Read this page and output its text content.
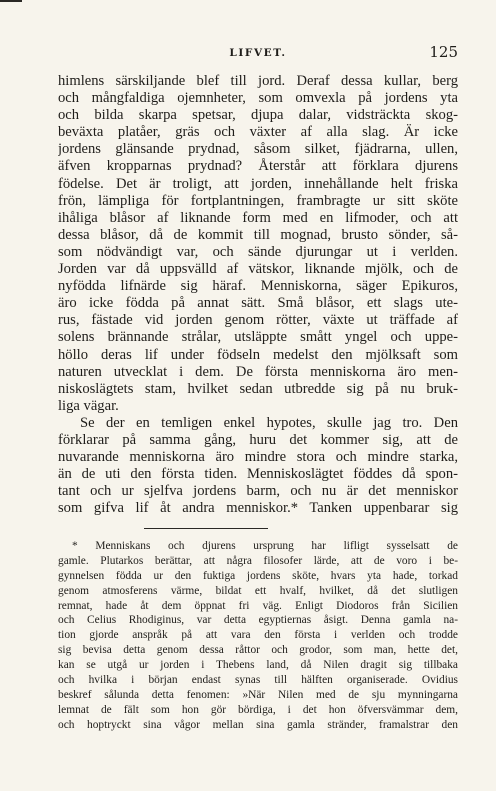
LIFVET.	125
himlens särskiljande blef till jord. Deraf dessa kullar, berg
och mångfaldiga ojemnheter, som omvexla på jordens yta
och bilda skarpa spetsar, djupa dalar, vidsträckta skog-
beväxta platåer, gräs och växter af alla slag. Är icke
jordens glänsande prydnad, såsom silket, fjädrarna, ullen,
äfven kropparnas prydnad? Återstår att förklara djurens
födelse. Det är troligt, att jorden, innehållande helt friska
frön, lämpliga för fortplantningen, frambragte ur sitt sköte
ihåliga blåsor af liknande form med en lifmoder, och att
dessa blåsor, då de kommit till mognad, brusto sönder, så-
som nödvändigt var, och sände djurungar ut i verlden.
Jorden var då uppsvälld af vätskor, liknande mjölk, och de
nyfödda lifnärde sig häraf. Menniskorna, säger Epikuros,
äro icke födda på annat sätt. Små blåsor, ett slags ute-
rus, fästade vid jorden genom rötter, växte ut träffade af
solens brännande strålar, utsläppte smått yngel och uppe-
höllo deras lif under födseln medelst den mjölksaft som
naturen utvecklat i dem. De första menniskorna äro men-
niskoslägtets stam, hvilket sedan utbredde sig på nu bruk-
liga vägar.
Se der en temligen enkel hypotes, skulle jag tro. Den
förklarar på samma gång, huru det kommer sig, att de
nuvarande menniskorna äro mindre stora och mindre starka,
än de uti den första tiden. Menniskoslägtet föddes då spon-
tant och ur sjelfva jordens barm, och nu är det menniskor
som gifva lif åt andra menniskor.* Tanken uppenbarar sig
* Menniskans och djurens ursprung har lifligt sysselsatt de
gamle. Plutarkos berättar, att några filosofer lärde, att de voro i be-
gynnelsen födda ur den fuktiga jordens sköte, hvars yta hade, torkad
genom atmosferens värme, bildat ett hvalf, hvilket, då det slutligen
remnat, hade åt dem öppnat fri väg. Enligt Diodoros från Sicilien
och Celius Rhodiginus, var detta egyptiernas åsigt. Denna gamla na-
tion gjorde anspråk på att vara den första i verlden och trodde
sig bevisa detta genom dessa råttor och grodor, som man, hette det,
kan se utgå ur jorden i Thebens land, då Nilen dragit sig tillbaka
och hvilka i början endast synas till hälften organiserade. Ovidius
beskref sålunda detta fenomen: »När Nilen med de sju mynningarna
lemnat de fält som hon gör bördiga, i det hon öfversvämmar dem,
och hoptryckt sina vågor mellan sina gamla stränder, framalstrar den
